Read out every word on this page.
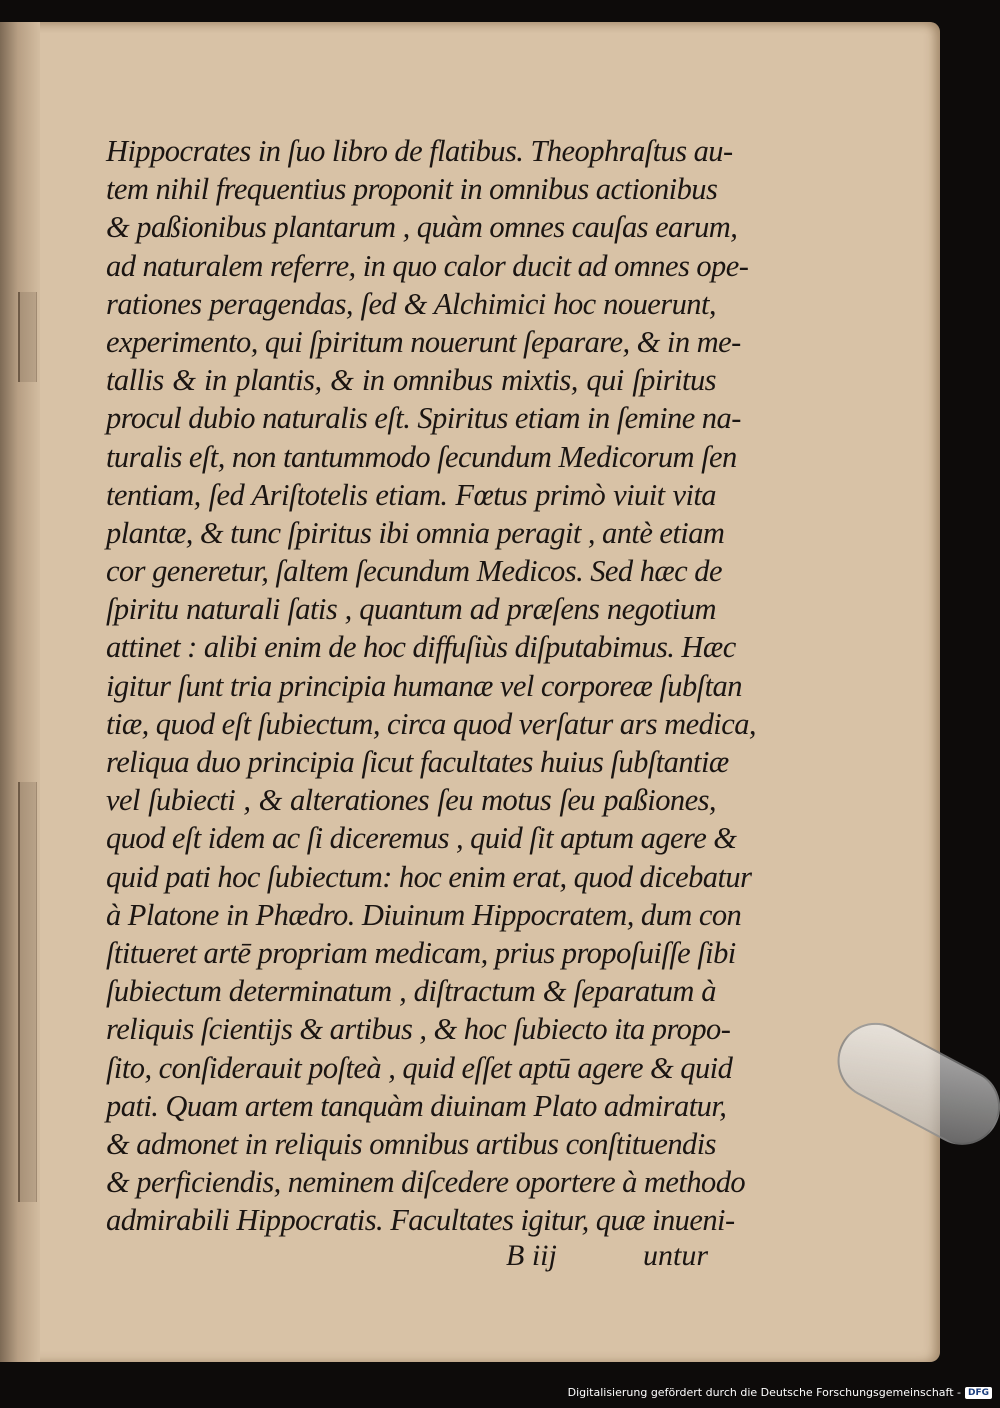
Hippocrates in ſuo libro de flatibus. Theophraſtus au-
tem nihil frequentius proponit in omnibus actionibus
& paßionibus plantarum , quàm omnes cauſas earum,
ad naturalem referre, in quo calor ducit ad omnes ope-
rationes peragendas, ſed & Alchimici hoc nouerunt,
experimento, qui ſpiritum nouerunt ſeparare, & in me-
tallis & in plantis, & in omnibus mixtis, qui ſpiritus
procul dubio naturalis eſt. Spiritus etiam in ſemine na-
turalis eſt, non tantummodo ſecundum Medicorum ſen
tentiam, ſed Ariſtotelis etiam. Fœtus primò viuit vita
plantæ, & tunc ſpiritus ibi omnia peragit , antè etiam
cor generetur, ſaltem ſecundum Medicos. Sed hæc de
ſpiritu naturali ſatis , quantum ad præſens negotium
attinet : alibi enim de hoc diffuſiùs diſputabimus. Hæc
igitur ſunt tria principia humanæ vel corporeæ ſubſtan
tiæ, quod eſt ſubiectum, circa quod verſatur ars medica,
reliqua duo principia ſicut facultates huius ſubſtantiæ
vel ſubiecti , & alterationes ſeu motus ſeu paßiones,
quod eſt idem ac ſi diceremus , quid ſit aptum agere &
quid pati hoc ſubiectum: hoc enim erat, quod dicebatur
à Platone in Phædro. Diuinum Hippocratem, dum con
ſtitueret artē propriam medicam, prius propoſuiſſe ſibi
ſubiectum determinatum , diſtractum & ſeparatum à
reliquis ſcientijs & artibus , & hoc ſubiecto ita propo-
ſito, conſiderauit poſteà , quid eſſet aptū agere & quid
pati. Quam artem tanquàm diuinam Plato admiratur,
& admonet in reliquis omnibus artibus conſtituendis
& perficiendis, neminem diſcedere oportere à methodo
admirabili Hippocratis. Facultates igitur, quæ inueni-
B iij	untur
Digitalisierung gefördert durch die Deutsche Forschungsgemeinschaft - DFG
